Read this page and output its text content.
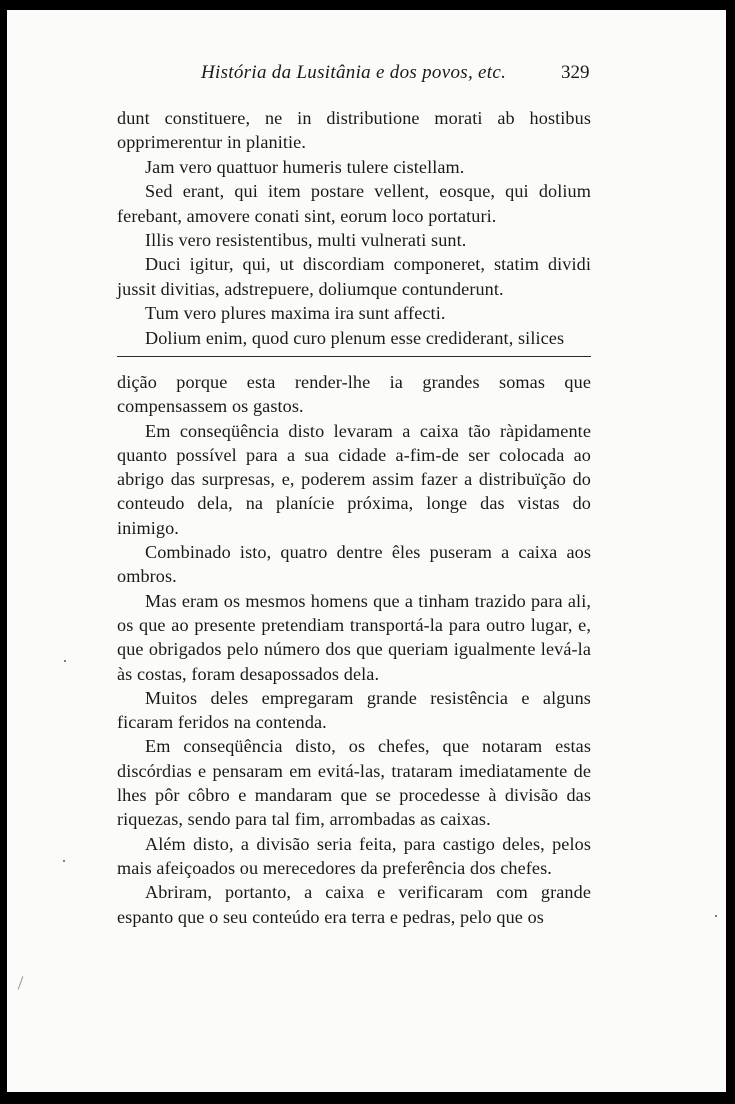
História da Lusitânia e dos povos, etc.	329

dunt constituere, ne in distributione morati ab hostibus opprimerentur in planitie.

Jam vero quattuor humeris tulere cistellam.

Sed erant, qui item postare vellent, eosque, qui dolium ferebant, amovere conati sint, eorum loco portaturi.

Illis vero resistentibus, multi vulnerati sunt.

Duci igitur, qui, ut discordiam componeret, statim dividi jussit divitias, adstrepuere, doliumque contunderunt.

Tum vero plures maxima ira sunt affecti.

Dolium enim, quod curo plenum esse crediderant, silices

dição porque esta render-lhe ia grandes somas que compensassem os gastos.

Em conseqüência disto levaram a caixa tão ràpidamente quanto possível para a sua cidade a-fim-de ser colocada ao abrigo das surpresas, e, poderem assim fazer a distribuïção do conteudo dela, na planície próxima, longe das vistas do inimigo.

Combinado isto, quatro dentre êles puseram a caixa aos ombros.

Mas eram os mesmos homens que a tinham trazido para ali, os que ao presente pretendiam transportá-la para outro lugar, e, que obrigados pelo número dos que queriam igualmente levá-la às costas, foram desapossados dela.

Muitos deles empregaram grande resistência e alguns ficaram feridos na contenda.

Em conseqüência disto, os chefes, que notaram estas discórdias e pensaram em evitá-las, trataram imediatamente de lhes pôr côbro e mandaram que se procedesse à divisão das riquezas, sendo para tal fim, arrombadas as caixas.

Além disto, a divisão seria feita, para castigo deles, pelos mais afeiçoados ou merecedores da preferência dos chefes.

Abriram, portanto, a caixa e verificaram com grande espanto que o seu conteúdo era terra e pedras, pelo que os
